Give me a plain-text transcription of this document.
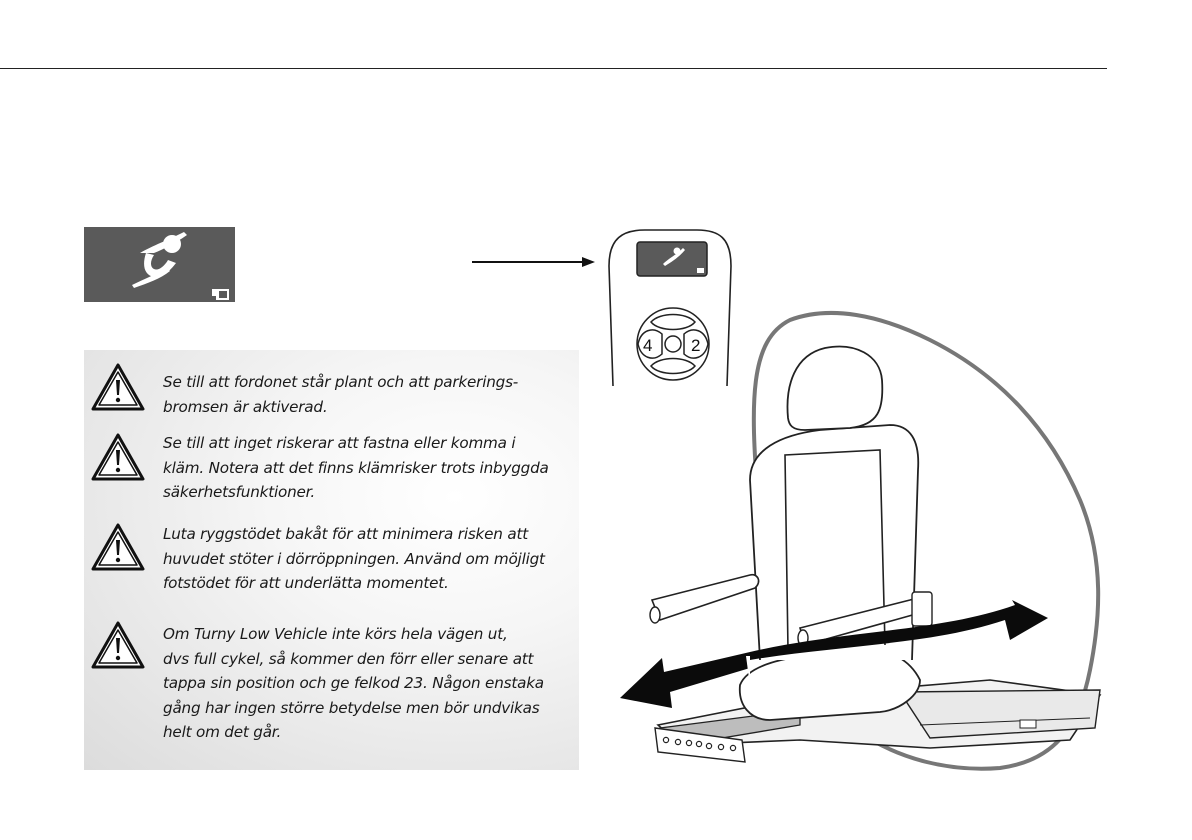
4 2
Se till att fordonet står plant och att parkerings-
bromsen är aktiverad.
Se till att inget riskerar att fastna eller komma i
kläm. Notera att det finns klämrisker trots inbyggda
säkerhetsfunktioner.
Luta ryggstödet bakåt för att minimera risken att
huvudet stöter i dörröppningen. Använd om möjligt
fotstödet för att underlätta momentet.
Om Turny Low Vehicle inte körs hela vägen ut,
dvs full cykel, så kommer den förr eller senare att
tappa sin position och ge felkod 23. Någon enstaka
gång har ingen större betydelse men bör undvikas
helt om det går.
